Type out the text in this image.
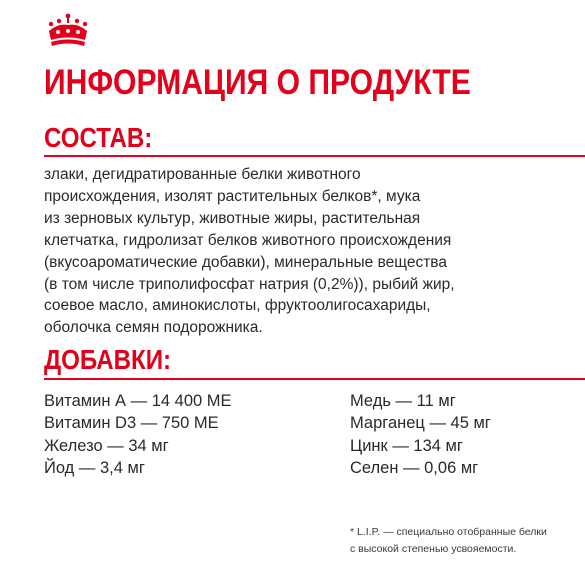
ИНФОРМАЦИЯ О ПРОДУКТЕ
СОСТАВ:
злаки, дегидратированные белки животного
происхождения, изолят растительных белков*, мука
из зерновых культур, животные жиры, растительная
клетчатка, гидролизат белков животного происхождения
(вкусоароматические добавки), минеральные вещества
(в том числе триполифосфат натрия (0,2%)), рыбий жир,
соевое масло, аминокислоты, фруктоолигосахариды,
оболочка семян подорожника.
ДОБАВКИ:
Витамин А — 14 400 МЕ
Витамин D3 — 750 МЕ
Железо — 34 мг
Йод — 3,4 мг
Медь — 11 мг
Марганец — 45 мг
Цинк — 134 мг
Селен — 0,06 мг
* L.I.P. — специально отобранные белки
с высокой степенью усвояемости.
